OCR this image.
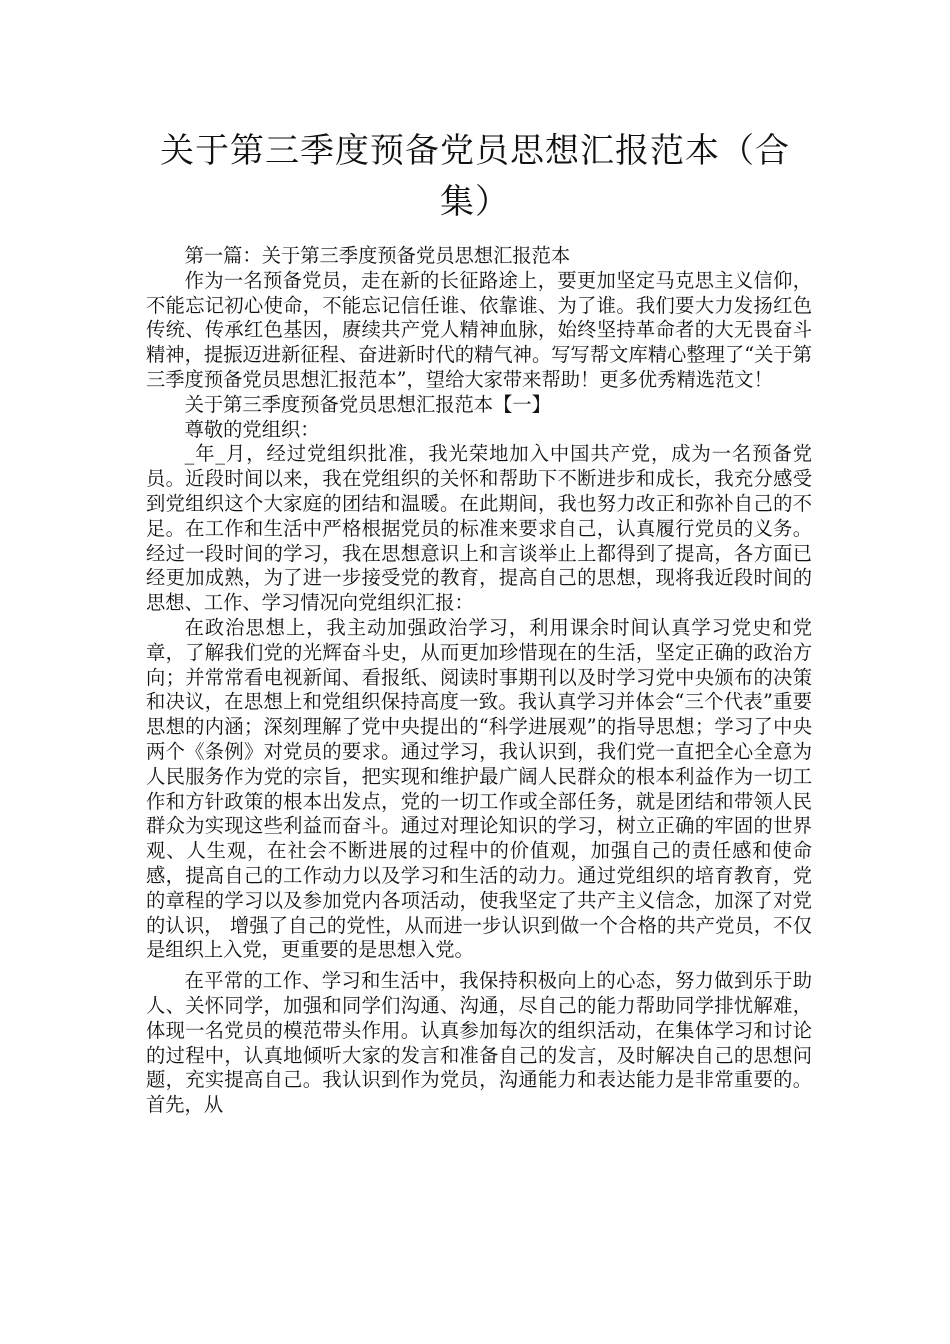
关于第三季度预备党员思想汇报范本（合集）

第一篇：关于第三季度预备党员思想汇报范本

作为一名预备党员，走在新的长征路途上，要更加坚定马克思主义信仰，不能忘记初心使命，不能忘记信任谁、依靠谁、为了谁。我们要大力发扬红色传统、传承红色基因，赓续共产党人精神血脉，始终坚持革命者的大无畏奋斗精神，提振迈进新征程、奋进新时代的精气神。写写帮文库精心整理了“关于第三季度预备党员思想汇报范本”，望给大家带来帮助！更多优秀精选范文！

关于第三季度预备党员思想汇报范本【一】

尊敬的党组织：

_年_月，经过党组织批准，我光荣地加入中国共产党，成为一名预备党员。近段时间以来，我在党组织的关怀和帮助下不断进步和成长，我充分感受到党组织这个大家庭的团结和温暖。在此期间，我也努力改正和弥补自己的不足。在工作和生活中严格根据党员的标准来要求自己，认真履行党员的义务。经过一段时间的学习，我在思想意识上和言谈举止上都得到了提高，各方面已经更加成熟，为了进一步接受党的教育，提高自己的思想，现将我近段时间的思想、工作、学习情况向党组织汇报：

在政治思想上，我主动加强政治学习，利用课余时间认真学习党史和党章，了解我们党的光辉奋斗史，从而更加珍惜现在的生活，坚定正确的政治方向；并常常看电视新闻、看报纸、阅读时事期刊以及时学习党中央颁布的决策和决议，在思想上和党组织保持高度一致。我认真学习并体会“三个代表”重要思想的内涵；深刻理解了党中央提出的“科学进展观”的指导思想；学习了中央两个《条例》对党员的要求。通过学习，我认识到，我们党一直把全心全意为人民服务作为党的宗旨，把实现和维护最广阔人民群众的根本利益作为一切工作和方针政策的根本出发点，党的一切工作或全部任务，就是团结和带领人民群众为实现这些利益而奋斗。通过对理论知识的学习，树立正确的牢固的世界观、人生观，在社会不断进展的过程中的价值观，加强自己的责任感和使命感，提高自己的工作动力以及学习和生活的动力。通过党组织的培育教育，党的章程的学习以及参加党内各项活动，使我坚定了共产主义信念，加深了对党的认识， 增强了自己的党性，从而进一步认识到做一个合格的共产党员，不仅是组织上入党，更重要的是思想入党。

在平常的工作、学习和生活中，我保持积极向上的心态，努力做到乐于助人、关怀同学，加强和同学们沟通、沟通，尽自己的能力帮助同学排忧解难，体现一名党员的模范带头作用。认真参加每次的组织活动，在集体学习和讨论的过程中，认真地倾听大家的发言和准备自己的发言，及时解决自己的思想问题，充实提高自己。我认识到作为党员，沟通能力和表达能力是非常重要的。首先，从
